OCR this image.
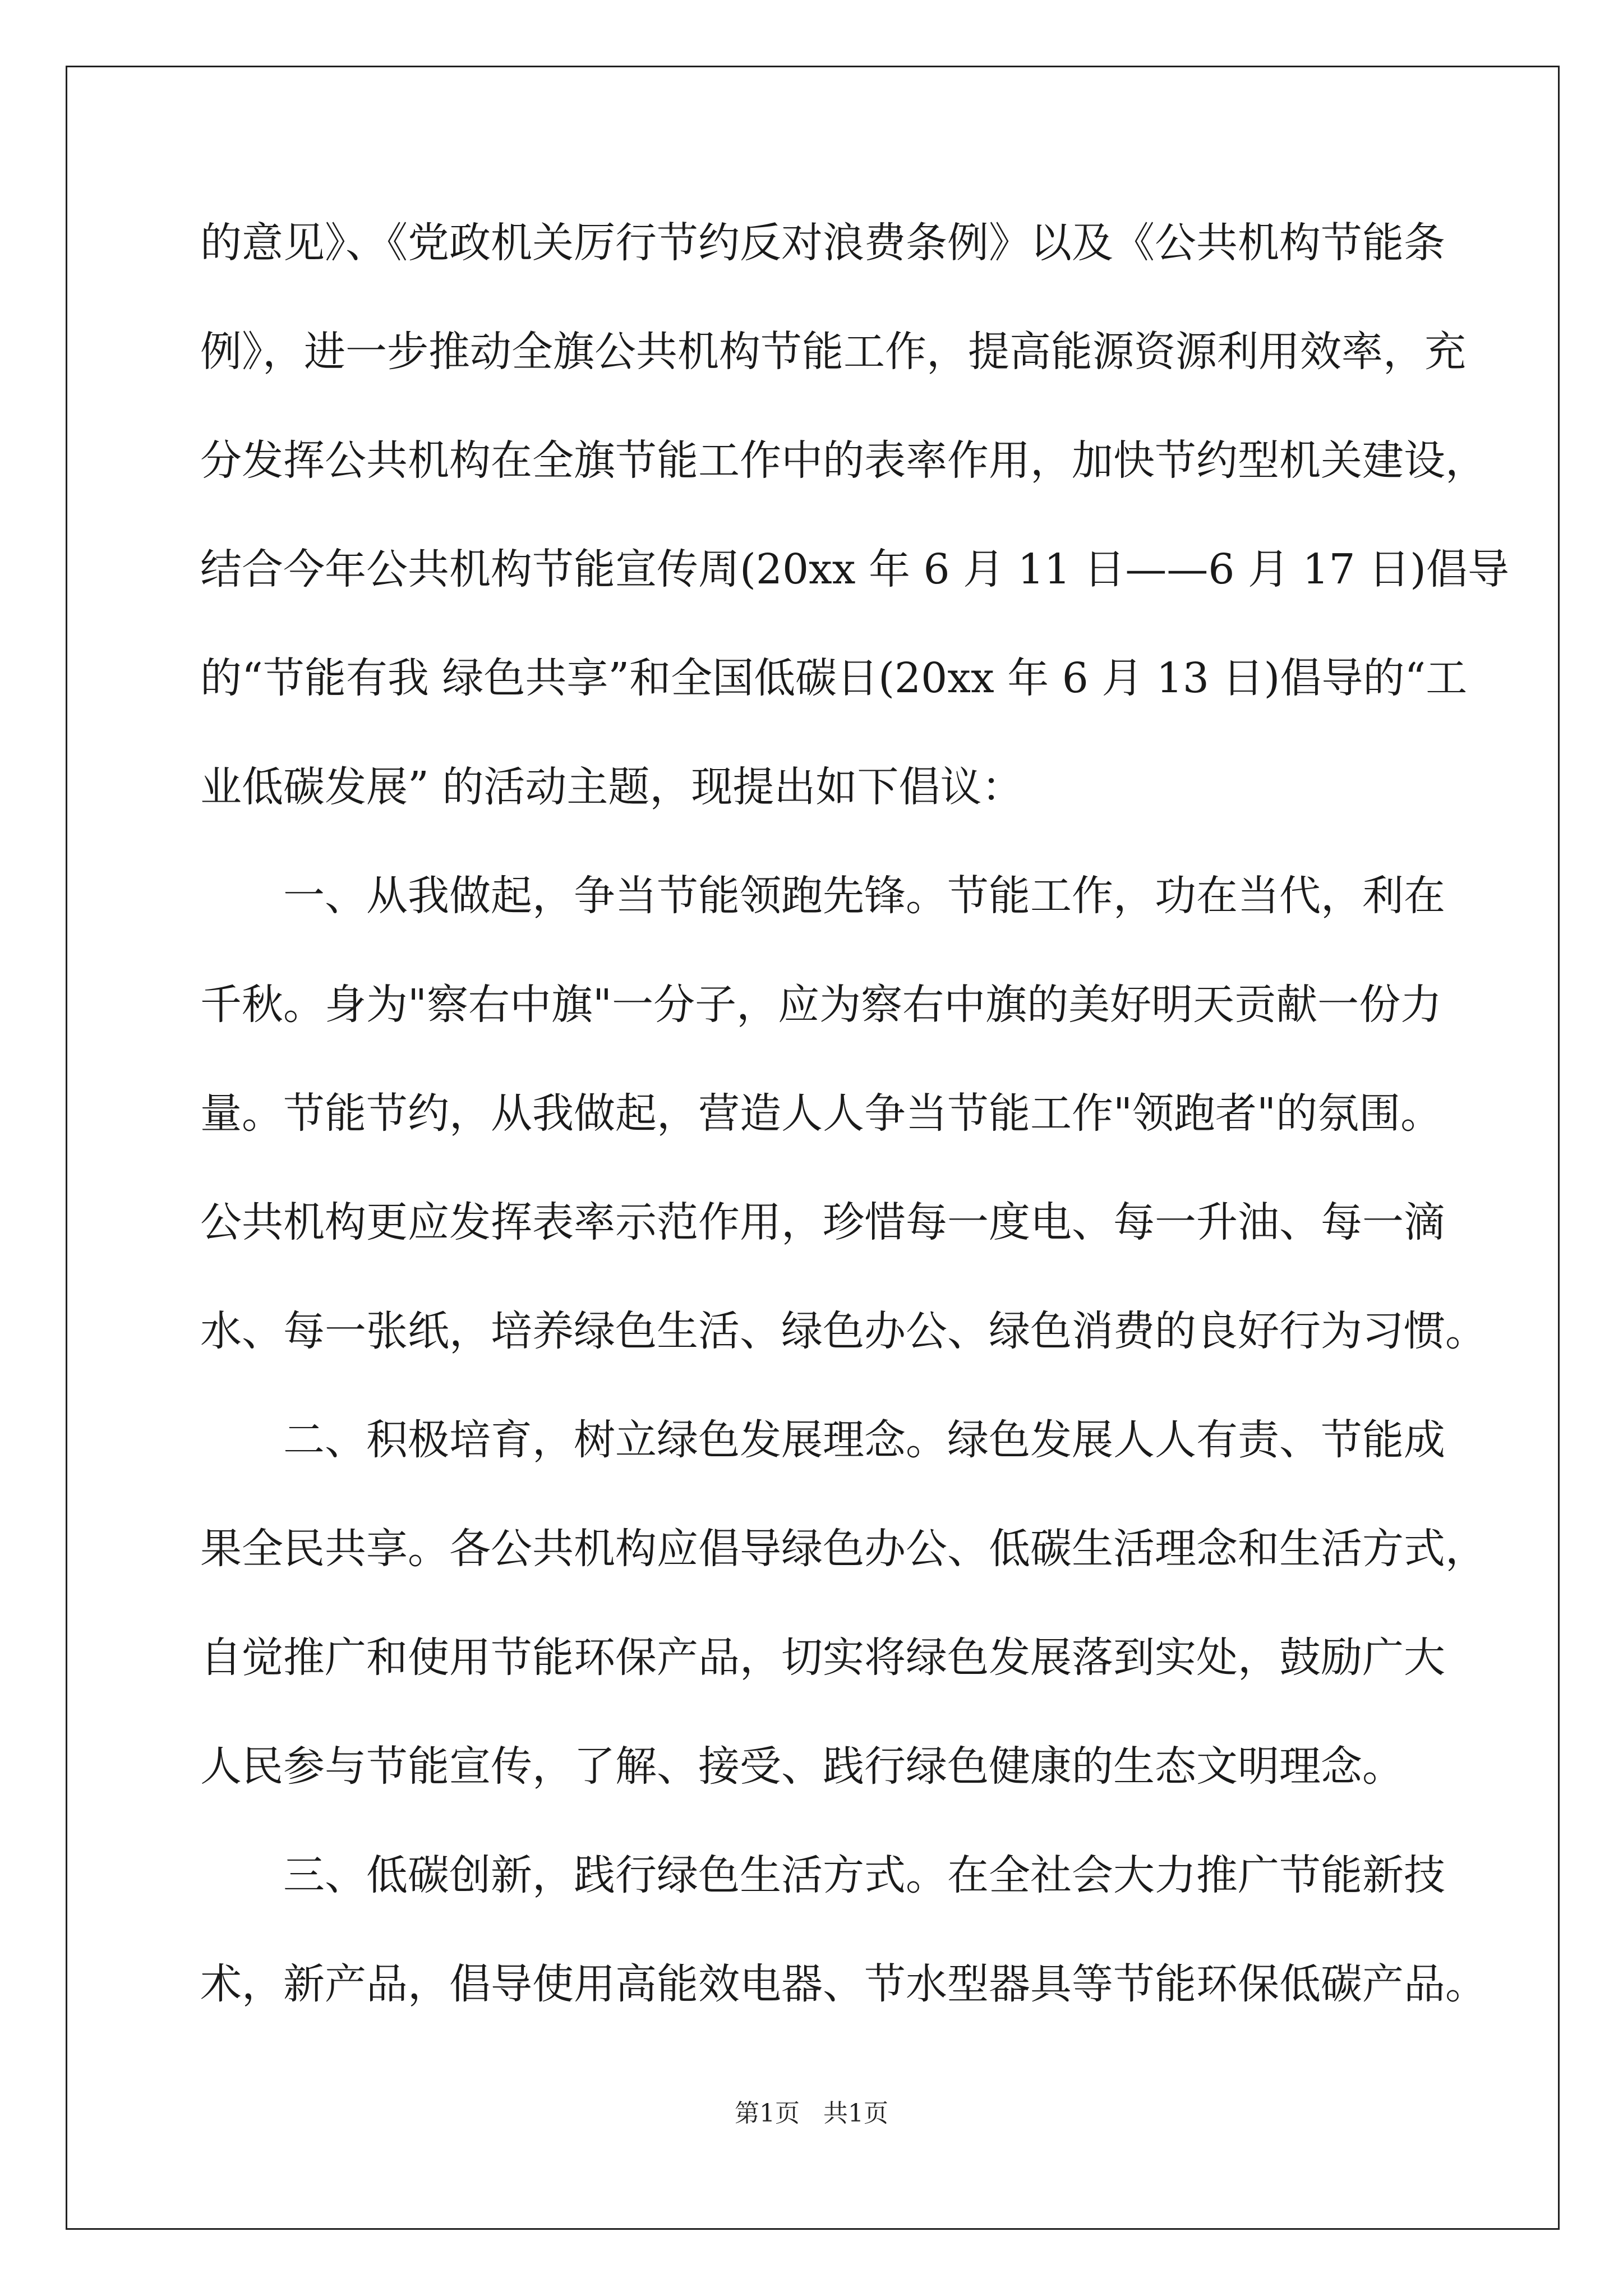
的意见》、《党政机关厉行节约反对浪费条例》以及《公共机构节能条
例》，进一步推动全旗公共机构节能工作，提高能源资源利用效率，充
分发挥公共机构在全旗节能工作中的表率作用，加快节约型机关建设，
结合今年公共机构节能宣传周(20xx 年 6 月 11 日——6 月 17 日)倡导
的“节能有我 绿色共享”和全国低碳日(20xx 年 6 月 13 日)倡导的“工
业低碳发展” 的活动主题，现提出如下倡议：
一、从我做起，争当节能领跑先锋。节能工作，功在当代，利在
千秋。身为"察右中旗"一分子，应为察右中旗的美好明天贡献一份力
量。节能节约，从我做起，营造人人争当节能工作"领跑者"的氛围。
公共机构更应发挥表率示范作用，珍惜每一度电、每一升油、每一滴
水、每一张纸，培养绿色生活、绿色办公、绿色消费的良好行为习惯。
二、积极培育，树立绿色发展理念。绿色发展人人有责、节能成
果全民共享。各公共机构应倡导绿色办公、低碳生活理念和生活方式，
自觉推广和使用节能环保产品，切实将绿色发展落到实处，鼓励广大
人民参与节能宣传，了解、接受、践行绿色健康的生态文明理念。
三、低碳创新，践行绿色生活方式。在全社会大力推广节能新技
术，新产品，倡导使用高能效电器、节水型器具等节能环保低碳产品。
第1页   共1页
